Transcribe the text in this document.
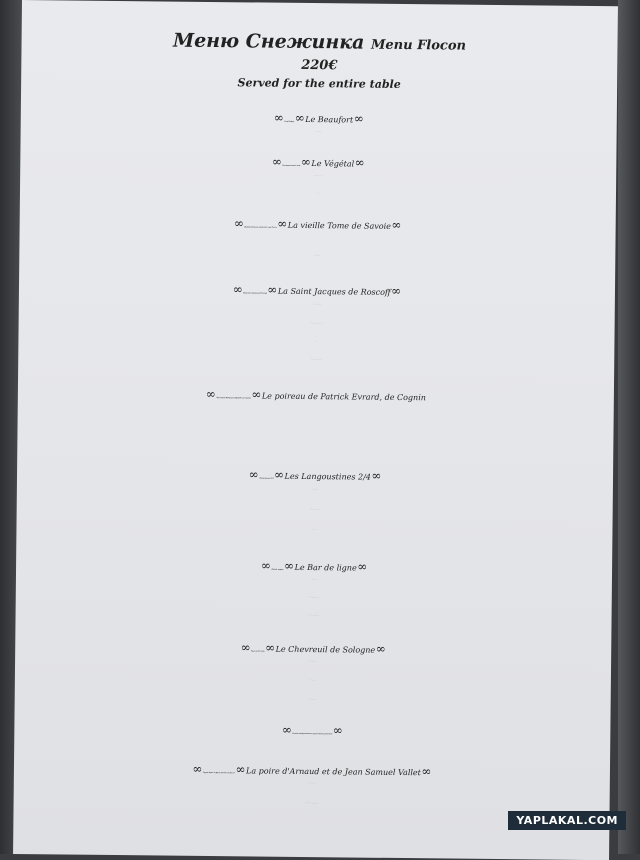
Меню Снежинка Menu Flocon
220€
Served for the entire table
∞ Сыр Бофор ∞ Le Beaufort ∞
∞ Растительный мир ∞ Le Végétal ∞
∞ Выдержанный савойский сыр Томм ∞ La vieille Tome de Savoie ∞
∞ Морские гребешки Роскоф ∞ La Saint Jacques de Roscoff ∞
∞ Лук-порей Патрика Эврарда из Савойи ∞ Le poireau de Patrick Evrard, de Cognin
∞ Лангустины 2/4 ∞ Les Langoustines 2/4 ∞
∞ Дикий лаврак ∞ Le Bar de ligne ∞
∞ Косуля Солони ∞ Le Chevreuil de Sologne ∞
∞ Блюдо выдержанных сыров наших регионов ∞
∞ Груша Арно и Жана Самюэля Валле ∞ La poire d'Arnaud et de Jean Samuel Vallet ∞
YAPLAKAL.COM
